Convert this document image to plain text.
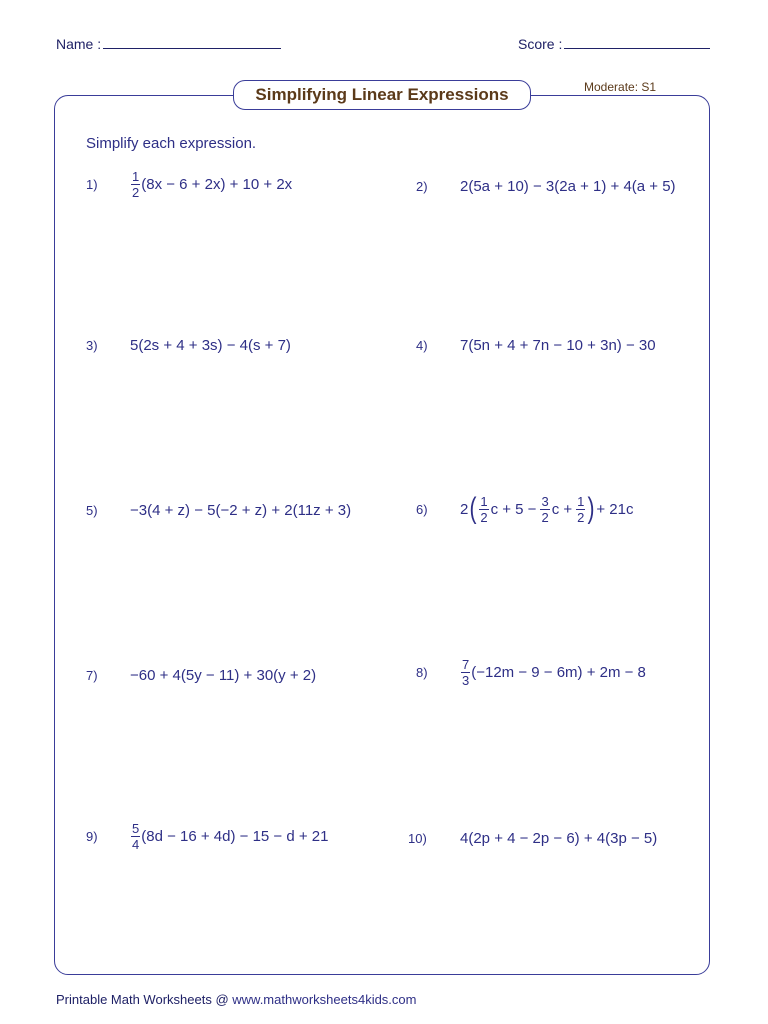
Name :	Score :
Simplifying Linear Expressions	Moderate: S1
Simplify each expression.
1)	$\frac{1}{2} (8x - 6 + 2x) + 10 + 2x$	2)	2(5a + 10) − 3(2a + 1) + 4(a + 5)
3)	5(2s + 4 + 3s) − 4(s + 7)	4)	7(5n + 4 + 7n − 10 + 3n) − 30
5)	−3(4 + z) − 5(−2 + z) + 2(11z + 3)	6)	2 ( $\frac{1}{2}$ $c + 5 - \frac{3}{2}$ $c + \frac{1}{2}$ ) + 21c
7)	−60 + 4(5y − 11) + 30(y + 2)	8)	$\frac{7}{3} (-12m - 9 - 6m) + 2m - 8$
9)	$\frac{5}{4} (8d - 16 + 4d) - 15 - d + 21$	10)	4(2p + 4 − 2p − 6) + 4(3p − 5)
Printable Math Worksheets @ www.mathworksheets4kids.com
